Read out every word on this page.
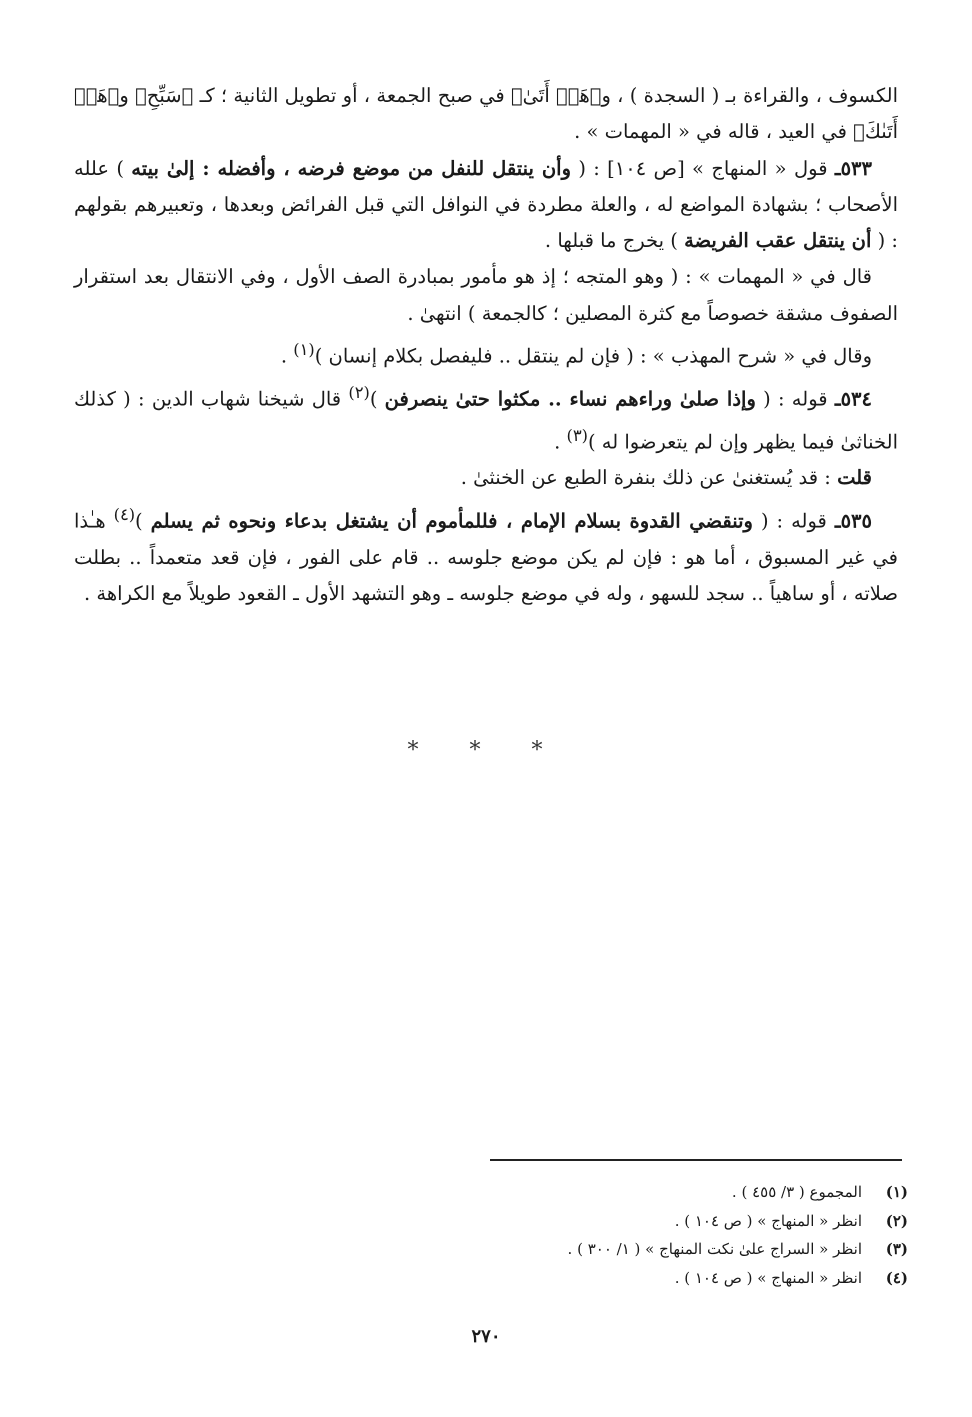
الكسوف ، والقراءة بـ ( السجدة ) ، و﴿هَلۡ أَتَىٰ﴾ في صبح الجمعة ، أو تطويل الثانية ؛ كـ ﴿سَبِّحِ﴾ و﴿هَلۡ أَتَىٰكَ﴾ في العيد ، قاله في « المهمات » .

٥٣٣ـ قول « المنهاج » [ص ١٠٤] : ( وأن ينتقل للنفل من موضع فرضه ، وأفضله : إلىٰ بيته ) علله الأصحاب ؛ بشهادة المواضع له ، والعلة مطردة في النوافل التي قبل الفرائض وبعدها ، وتعبيرهم بقولهم : ( أن ينتقل عقب الفريضة ) يخرج ما قبلها .

قال في « المهمات » : ( وهو المتجه ؛ إذ هو مأمور بمبادرة الصف الأول ، وفي الانتقال بعد استقرار الصفوف مشقة خصوصاً مع كثرة المصلين ؛ كالجمعة ) انتهىٰ .

وقال في « شرح المهذب » : ( فإن لم ينتقل .. فليفصل بكلام إنسان )$^{(١)}$ .

٥٣٤ـ قوله : ( وإذا صلىٰ وراءهم نساء .. مكثوا حتىٰ ينصرفن )$^{(٢)}$ قال شيخنا شهاب الدين : ( كذلك الخناثىٰ فيما يظهر وإن لم يتعرضوا له )$^{(٣)}$ .

قلت : قد يُستغنىٰ عن ذلك بنفرة الطبع عن الخنثىٰ .

٥٣٥ـ قوله : ( وتنقضي القدوة بسلام الإمام ، فللمأموم أن يشتغل بدعاء ونحوه ثم يسلم )$^{(٤)}$ هـٰذا في غير المسبوق ، أما هو : فإن لم يكن موضع جلوسه .. قام على الفور ، فإن قعد متعمداً .. بطلت صلاته ، أو ساهياً .. سجد للسهو ، وله في موضع جلوسه ـ وهو التشهد الأول ـ القعود طويلاً مع الكراهة .

* * *
(١)
المجموع ( ٣/ ٤٥٥ ) .
(٢)
انظر « المنهاج » ( ص ١٠٤ ) .
(٣)
انظر « السراج علىٰ نكت المنهاج » ( ١/ ٣٠٠ ) .
(٤)
انظر « المنهاج » ( ص ١٠٤ ) .
٢٧٠
